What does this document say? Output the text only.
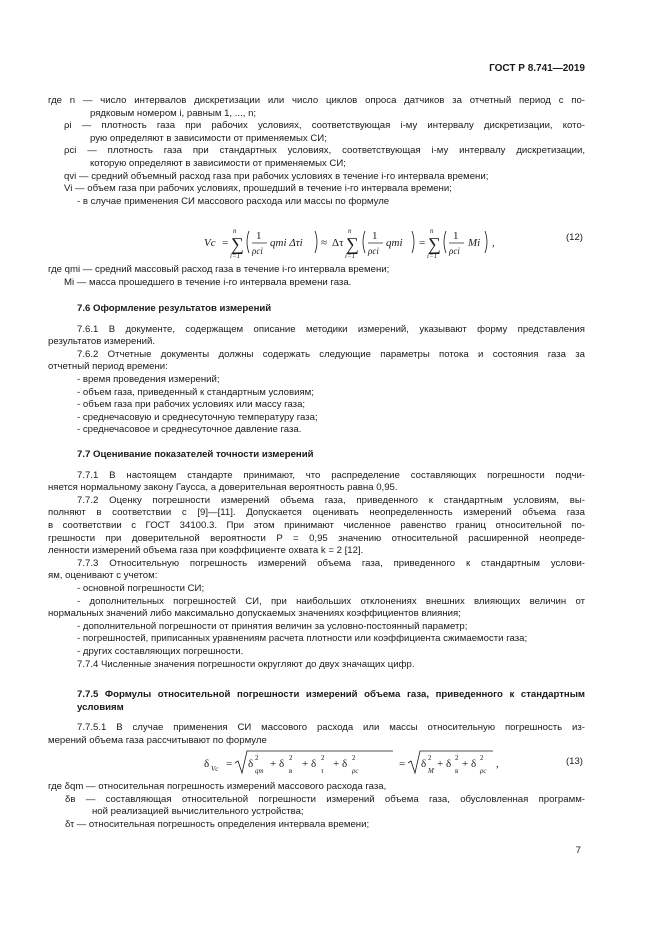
ГОСТ Р 8.741—2019
где n — число интервалов дискретизации или число циклов опроса датчиков за отчетный период c по-
рядковым номером i, равным 1, ..., n;
ρi — плотность газа при рабочих условиях, соответствующая i-му интервалу дискретизации, кото-
рую определяют в зависимости от применяемых СИ;
ρci — плотность газа при стандартных условиях, соответствующая i-му интервалу дискретизации,
которую определяют в зависимости от применяемых СИ;
qvi — средний объемный расход газа при рабочих условиях в течение i-го интервала времени;
Vi — объем газа при рабочих условиях, прошедший в течение i-го интервала времени;
- в случае применения СИ массового расхода или массы по формуле
Vc = ∑
n
i=1
1
ρci
qmi Δτi ≈ Δτ ∑
n
i=1
1
ρci
qmi = ∑
n
i=1
1
ρci
Mi ,	(12)
где qmi — средний массовый расход газа в течение i-го интервала времени;
Mi — масса прошедшего в течение i-го интервала времени газа.
7.6 Оформление результатов измерений
7.6.1 В документе, содержащем описание методики измерений, указывают форму представления
результатов измерений.
7.6.2 Отчетные документы должны содержать следующие параметры потока и состояния газа за
отчетный период времени:
- время проведения измерений;
- объем газа, приведенный к стандартным условиям;
- объем газа при рабочих условиях или массу газа;
- среднечасовую и среднесуточную температуру газа;
- среднечасовое и среднесуточное давление газа.
7.7 Оценивание показателей точности измерений
7.7.1 В настоящем стандарте принимают, что распределение составляющих погрешности подчи-
няется нормальному закону Гаусса, а доверительная вероятность равна 0,95.
7.7.2 Оценку погрешности измерений объема газа, приведенного к стандартным условиям, вы-
полняют в соответствии с [9]—[11]. Допускается оценивать неопределенность измерений объема газа
в соответствии с ГОСТ 34100.3. При этом принимают численное равенство границ относительной по-
грешности при доверительной вероятности P = 0,95 значению относительной расширенной неопреде-
ленности измерений объема газа при коэффициенте охвата k = 2 [12].
7.7.3 Относительную погрешность измерений объема газа, приведенного к стандартным услови-
ям, оценивают с учетом:
- основной погрешности СИ;
- дополнительных погрешностей СИ, при наибольших отклонениях внешних влияющих величин от
нормальных значений либо максимально допускаемых значениях коэффициентов влияния;
- дополнительной погрешности от принятия величин за условно-постоянный параметр;
- погрешностей, приписанных уравнениям расчета плотности или коэффициента сжимаемости газа;
- других составляющих погрешности.
7.7.4 Численные значения погрешности округляют до двух значащих цифр.
7.7.5 Формулы относительной погрешности измерений объема газа, приведенного к стандартным
условиям
7.7.5.1 В случае применения СИ массового расхода или массы относительную погрешность из-
мерений объема газа рассчитывают по формуле
δ Vc = δ 2
qm
+ δ 2
в
+ δ 2
τ
+ δ 2
ρc
= δ 2
M
+ δ 2
в
+ δ 2
ρc
,	(13)
где δqm — относительная погрешность измерений массового расхода газа,
δв — составляющая относительной погрешности измерений объема газа, обусловленная программ-
ной реализацией вычислительного устройства;
δτ — относительная погрешность определения интервала времени;
7
